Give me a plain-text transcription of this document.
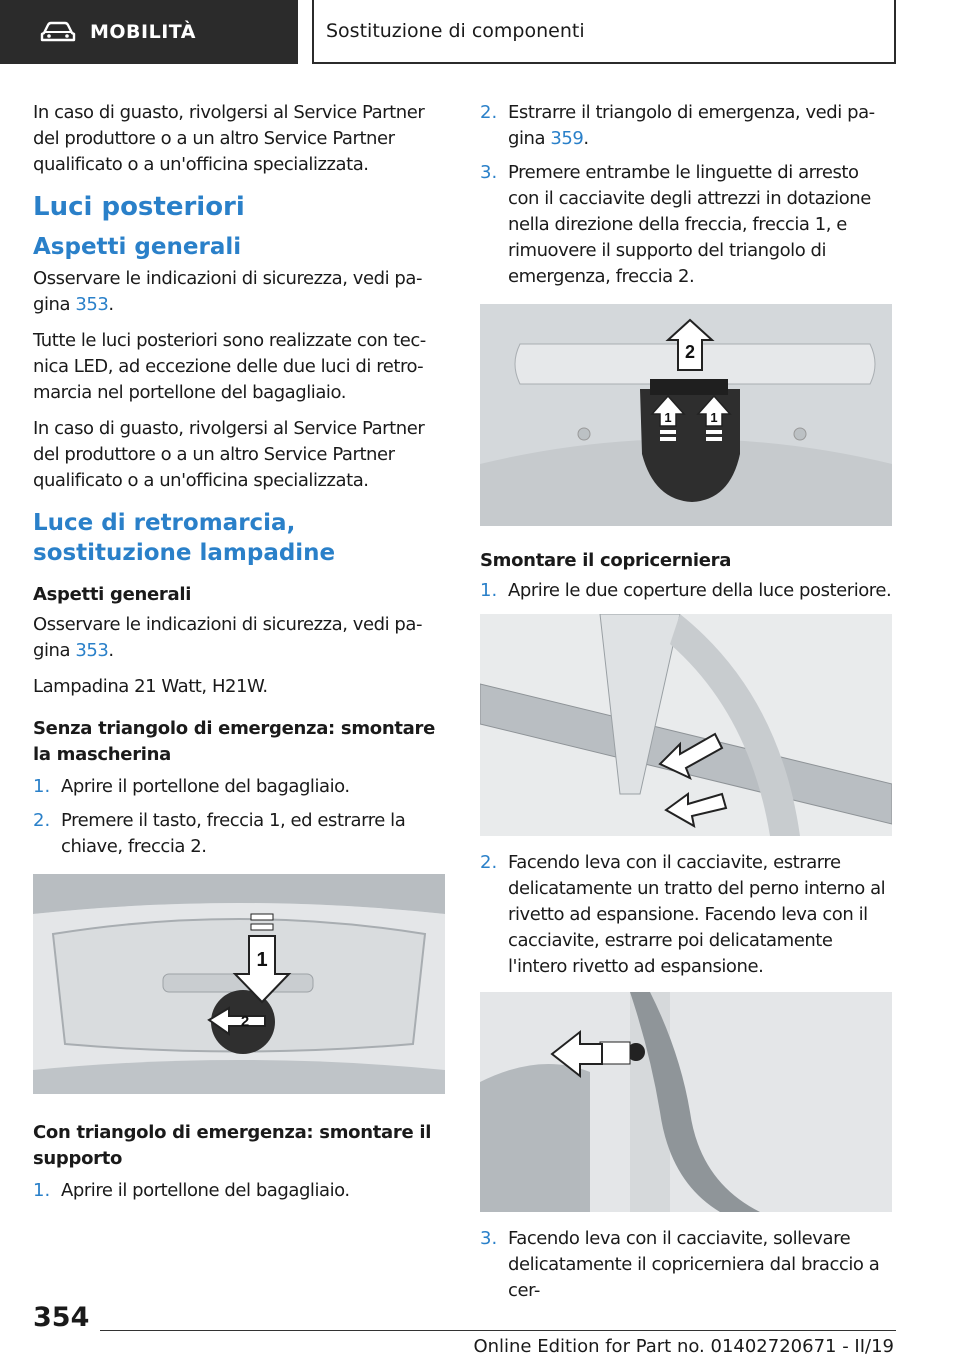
MOBILITÀ	Sostituzione di componenti

In caso di guasto, rivolgersi al Service Partner del produttore o a un altro Service Partner qualificato o a un'officina specializzata.

Luci posteriori
Aspetti generali

Osservare le indicazioni di sicurezza, vedi pagina 353.

Tutte le luci posteriori sono realizzate con tecnica LED, ad eccezione delle due luci di retromarcia nel portellone del bagagliaio.

In caso di guasto, rivolgersi al Service Partner del produttore o a un altro Service Partner qualificato o a un'officina specializzata.

Luce di retromarcia, sostituzione lampadine
Aspetti generali

Osservare le indicazioni di sicurezza, vedi pagina 353.

Lampadina 21 Watt, H21W.

Senza triangolo di emergenza: smontare la mascherina
1. Aprire il portellone del bagagliaio.
2. Premere il tasto, freccia 1, ed estrarre la chiave, freccia 2.
1
2
Con triangolo di emergenza: smontare il supporto
1. Aprire il portellone del bagagliaio.
2. Estrarre il triangolo di emergenza, vedi pagina 359.
3. Premere entrambe le linguette di arresto con il cacciavite degli attrezzi in dotazione nella direzione della freccia, freccia 1, e rimuovere il supporto del triangolo di emergenza, freccia 2.
2
1	1
Smontare il copricerniera
1. Aprire le due coperture della luce posteriore.
2. Facendo leva con il cacciavite, estrarre delicatamente un tratto del perno interno al rivetto ad espansione. Facendo leva con il cacciavite, estrarre poi delicatamente l'intero rivetto ad espansione.
3. Facendo leva con il cacciavite, sollevare delicatamente il copricerniera dal braccio a cer-
354
Online Edition for Part no. 01402720671 - II/19
